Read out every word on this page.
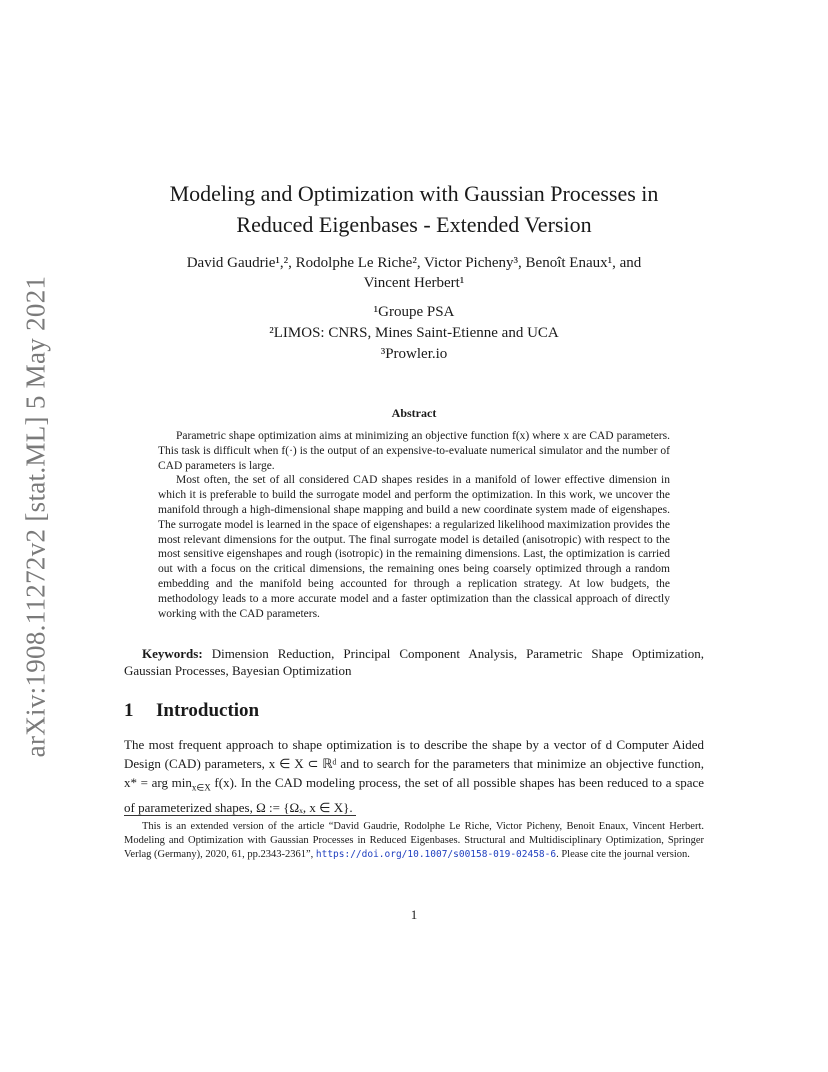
arXiv:1908.11272v2 [stat.ML] 5 May 2021
Modeling and Optimization with Gaussian Processes in
Reduced Eigenbases - Extended Version
David Gaudrie¹,², Rodolphe Le Riche², Victor Picheny³, Benoît Enaux¹, and
Vincent Herbert¹
¹Groupe PSA
²LIMOS: CNRS, Mines Saint-Etienne and UCA
³Prowler.io
Abstract

Parametric shape optimization aims at minimizing an objective function f(x) where x are CAD parameters. This task is difficult when f(·) is the output of an expensive-to-evaluate numerical simulator and the number of CAD parameters is large.

Most often, the set of all considered CAD shapes resides in a manifold of lower effective dimension in which it is preferable to build the surrogate model and perform the optimization. In this work, we uncover the manifold through a high-dimensional shape mapping and build a new coordinate system made of eigenshapes. The surrogate model is learned in the space of eigenshapes: a regularized likelihood maximization provides the most relevant dimensions for the output. The final surrogate model is detailed (anisotropic) with respect to the most sensitive eigenshapes and rough (isotropic) in the remaining dimensions. Last, the optimization is carried out with a focus on the critical dimensions, the remaining ones being coarsely optimized through a random embedding and the manifold being accounted for through a replication strategy. At low budgets, the methodology leads to a more accurate model and a faster optimization than the classical approach of directly working with the CAD parameters.

Keywords: Dimension Reduction, Principal Component Analysis, Parametric Shape Optimization, Gaussian Processes, Bayesian Optimization
1 Introduction

The most frequent approach to shape optimization is to describe the shape by a vector of d Computer Aided Design (CAD) parameters, x ∈ X ⊂ ℝᵈ and to search for the parameters that minimize an objective function, x* = arg $\min_{x\in X} f(x)$. In the CAD modeling process, the set of all possible shapes has been reduced to a space of parameterized shapes, Ω := {Ωₓ, x ∈ X}.

This is an extended version of the article “David Gaudrie, Rodolphe Le Riche, Victor Picheny, Benoit Enaux, Vincent Herbert. Modeling and Optimization with Gaussian Processes in Reduced Eigenbases. Structural and Multidisciplinary Optimization, Springer Verlag (Germany), 2020, 61, pp.2343-2361”, https://doi.org/10.1007/s00158-019-02458-6. Please cite the journal version.
1
